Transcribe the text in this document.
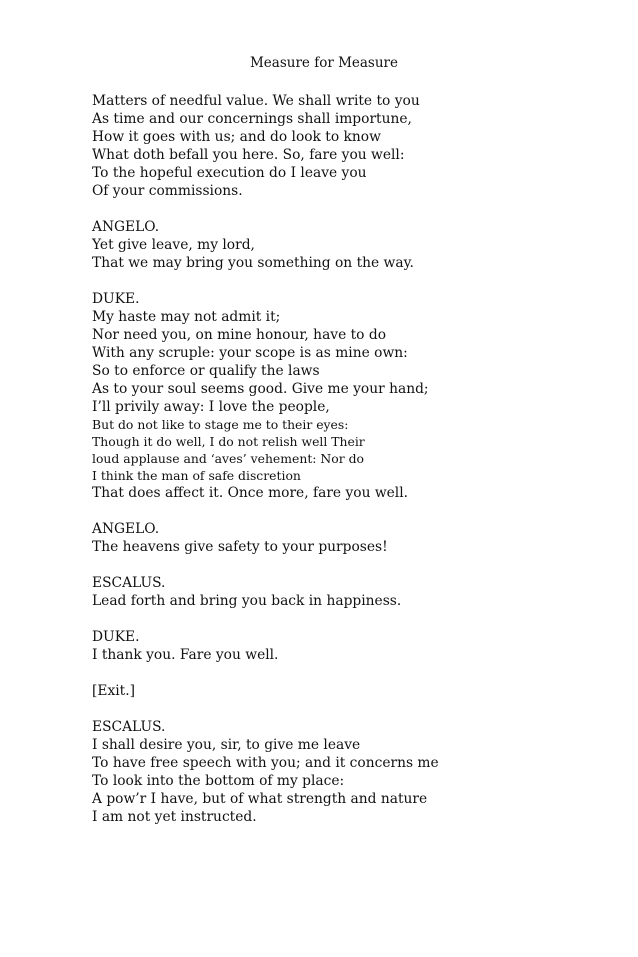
Measure for Measure
Matters of needful value. We shall write to you
As time and our concernings shall importune,
How it goes with us; and do look to know
What doth befall you here. So, fare you well:
To the hopeful execution do I leave you
Of your commissions.
ANGELO.
Yet give leave, my lord,
That we may bring you something on the way.
DUKE.
My haste may not admit it;
Nor need you, on mine honour, have to do
With any scruple: your scope is as mine own:
So to enforce or qualify the laws
As to your soul seems good. Give me your hand;
I’ll privily away: I love the people,
But do not like to stage me to their eyes:
Though it do well, I do not relish well Their
loud applause and ‘aves’ vehement: Nor do
I think the man of safe discretion
That does affect it. Once more, fare you well.
ANGELO.
The heavens give safety to your purposes!
ESCALUS.
Lead forth and bring you back in happiness.
DUKE.
I thank you. Fare you well.
[Exit.]
ESCALUS.
I shall desire you, sir, to give me leave
To have free speech with you; and it concerns me
To look into the bottom of my place:
A pow’r I have, but of what strength and nature
I am not yet instructed.
